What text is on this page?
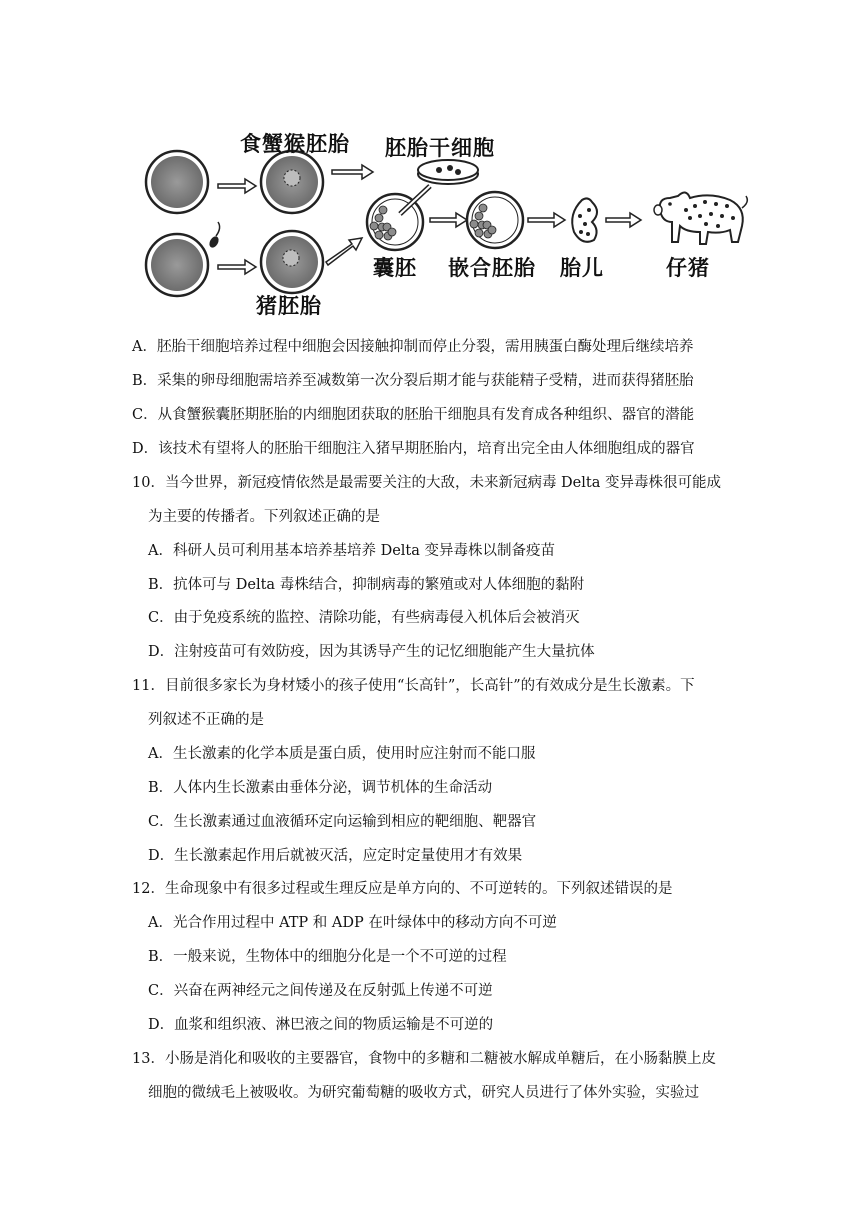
食蟹猴胚胎 胚胎干细胞
猪胚胎
囊胚 嵌合胚胎 胎儿	仔猪
A．胚胎干细胞培养过程中细胞会因接触抑制而停止分裂，需用胰蛋白酶处理后继续培养
B．采集的卵母细胞需培养至减数第一次分裂后期才能与获能精子受精，进而获得猪胚胎
C．从食蟹猴囊胚期胚胎的内细胞团获取的胚胎干细胞具有发育成各种组织、器官的潜能
D．该技术有望将人的胚胎干细胞注入猪早期胚胎内，培育出完全由人体细胞组成的器官
10．当今世界，新冠疫情依然是最需要关注的大敌，未来新冠病毒 Delta 变异毒株很可能成
为主要的传播者。下列叙述正确的是
A．科研人员可利用基本培养基培养 Delta 变异毒株以制备疫苗
B．抗体可与 Delta 毒株结合，抑制病毒的繁殖或对人体细胞的黏附
C．由于免疫系统的监控、清除功能，有些病毒侵入机体后会被消灭
D．注射疫苗可有效防疫，因为其诱导产生的记忆细胞能产生大量抗体
11．目前很多家长为身材矮小的孩子使用“长高针”，长高针”的有效成分是生长激素。下
列叙述不正确的是
A．生长激素的化学本质是蛋白质，使用时应注射而不能口服
B．人体内生长激素由垂体分泌，调节机体的生命活动
C．生长激素通过血液循环定向运输到相应的靶细胞、靶器官
D．生长激素起作用后就被灭活，应定时定量使用才有效果
12．生命现象中有很多过程或生理反应是单方向的、不可逆转的。下列叙述错误的是
A．光合作用过程中 ATP 和 ADP 在叶绿体中的移动方向不可逆
B．一般来说，生物体中的细胞分化是一个不可逆的过程
C．兴奋在两神经元之间传递及在反射弧上传递不可逆
D．血浆和组织液、淋巴液之间的物质运输是不可逆的
13．小肠是消化和吸收的主要器官，食物中的多糖和二糖被水解成单糖后，在小肠黏膜上皮
细胞的微绒毛上被吸收。为研究葡萄糖的吸收方式，研究人员进行了体外实验，实验过
